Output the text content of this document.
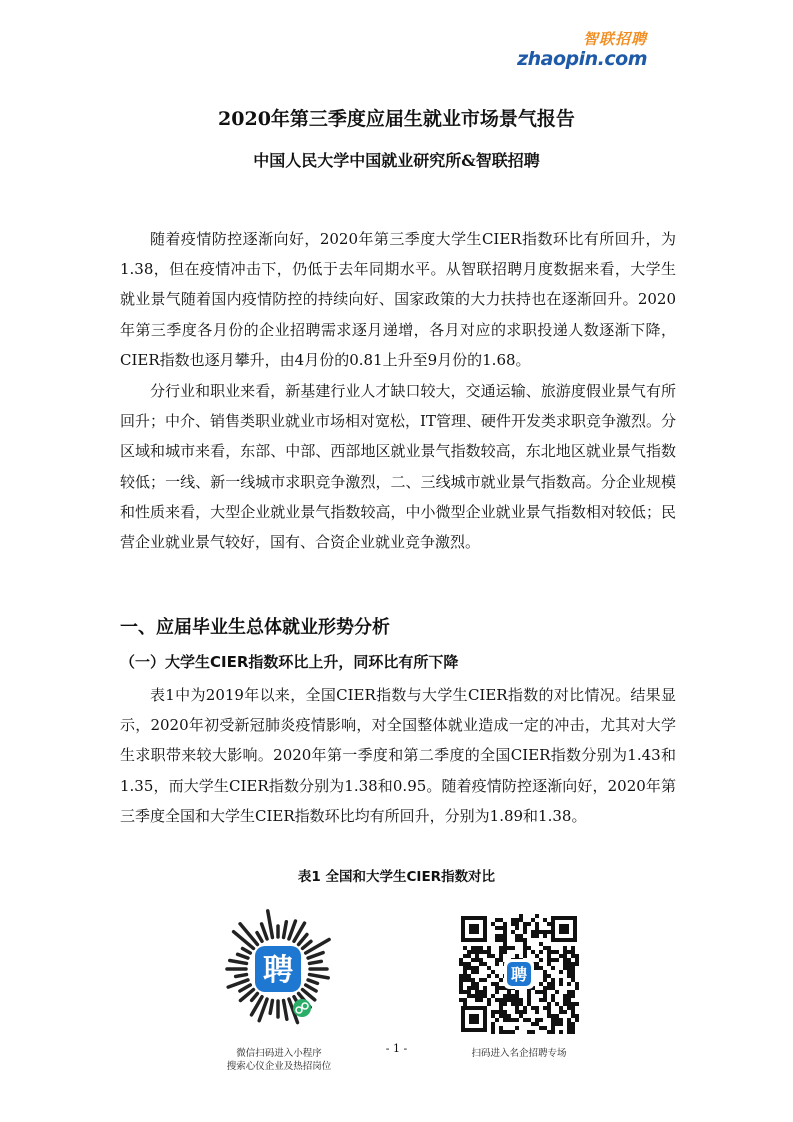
智联招聘
zhaopin.com
2020年第三季度应届生就业市场景气报告
中国人民大学中国就业研究所&智联招聘

随着疫情防控逐渐向好，2020年第三季度大学生CIER指数环比有所回升，为1.38，但在疫情冲击下，仍低于去年同期水平。从智联招聘月度数据来看，大学生就业景气随着国内疫情防控的持续向好、国家政策的大力扶持也在逐渐回升。2020年第三季度各月份的企业招聘需求逐月递增，各月对应的求职投递人数逐渐下降，CIER指数也逐月攀升，由4月份的0.81上升至9月份的1.68。

分行业和职业来看，新基建行业人才缺口较大，交通运输、旅游度假业景气有所回升；中介、销售类职业就业市场相对宽松，IT管理、硬件开发类求职竞争激烈。分区域和城市来看，东部、中部、西部地区就业景气指数较高，东北地区就业景气指数较低；一线、新一线城市求职竞争激烈，二、三线城市就业景气指数高。分企业规模和性质来看，大型企业就业景气指数较高，中小微型企业就业景气指数相对较低；民营企业就业景气较好，国有、合资企业就业竞争激烈。

一、应届毕业生总体就业形势分析
（一）大学生CIER指数环比上升，同环比有所下降

表1中为2019年以来，全国CIER指数与大学生CIER指数的对比情况。结果显示，2020年初受新冠肺炎疫情影响，对全国整体就业造成一定的冲击，尤其对大学生求职带来较大影响。2020年第一季度和第二季度的全国CIER指数分别为1.43和1.35，而大学生CIER指数分别为1.38和0.95。随着疫情防控逐渐向好，2020年第三季度全国和大学生CIER指数环比均有所回升，分别为1.89和1.38。

表1 全国和大学生CIER指数对比
聘	聘
微信扫码进入小程序
搜索心仪企业及热招岗位
扫码进入名企招聘专场
- 1 -
